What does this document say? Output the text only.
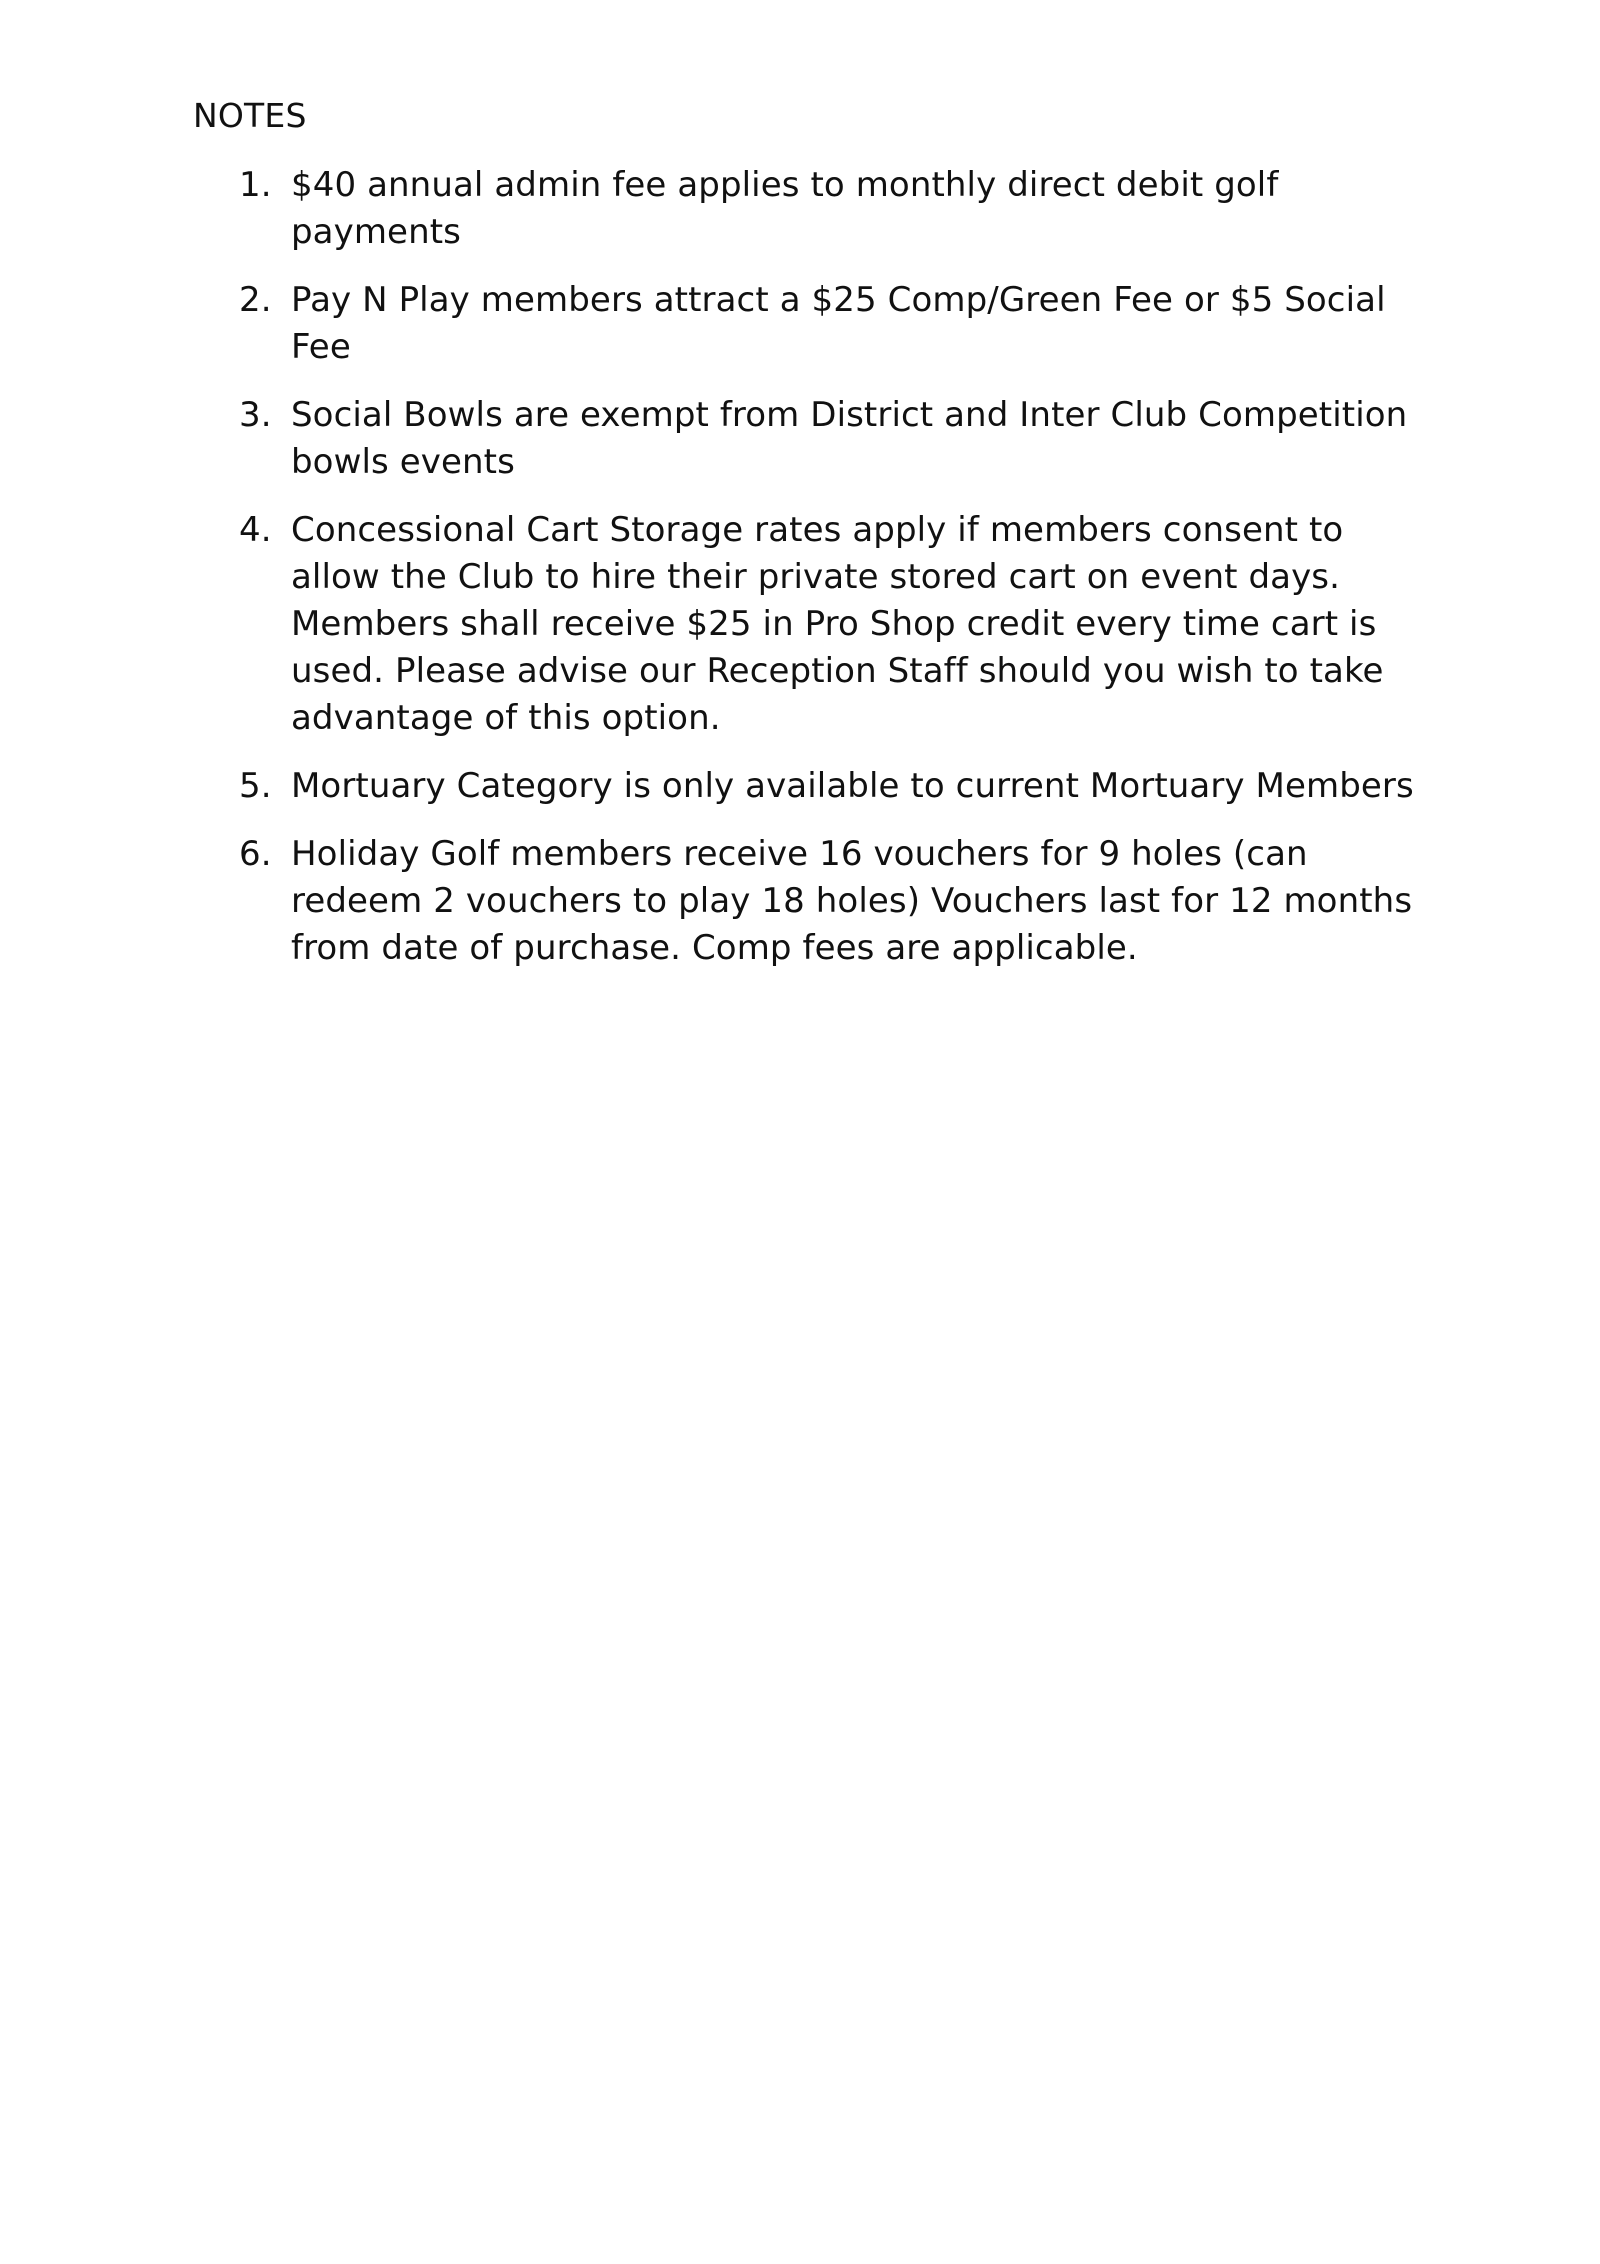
NOTES
1. $40 annual admin fee applies to monthly direct debit golf
payments
2. Pay N Play members attract a $25 Comp/Green Fee or $5 Social
Fee
3. Social Bowls are exempt from District and Inter Club Competition
bowls events
4. Concessional Cart Storage rates apply if members consent to
allow the Club to hire their private stored cart on event days.
Members shall receive $25 in Pro Shop credit every time cart is
used. Please advise our Reception Staff should you wish to take
advantage of this option.
5. Mortuary Category is only available to current Mortuary Members
6. Holiday Golf members receive 16 vouchers for 9 holes (can
redeem 2 vouchers to play 18 holes) Vouchers last for 12 months
from date of purchase. Comp fees are applicable.
